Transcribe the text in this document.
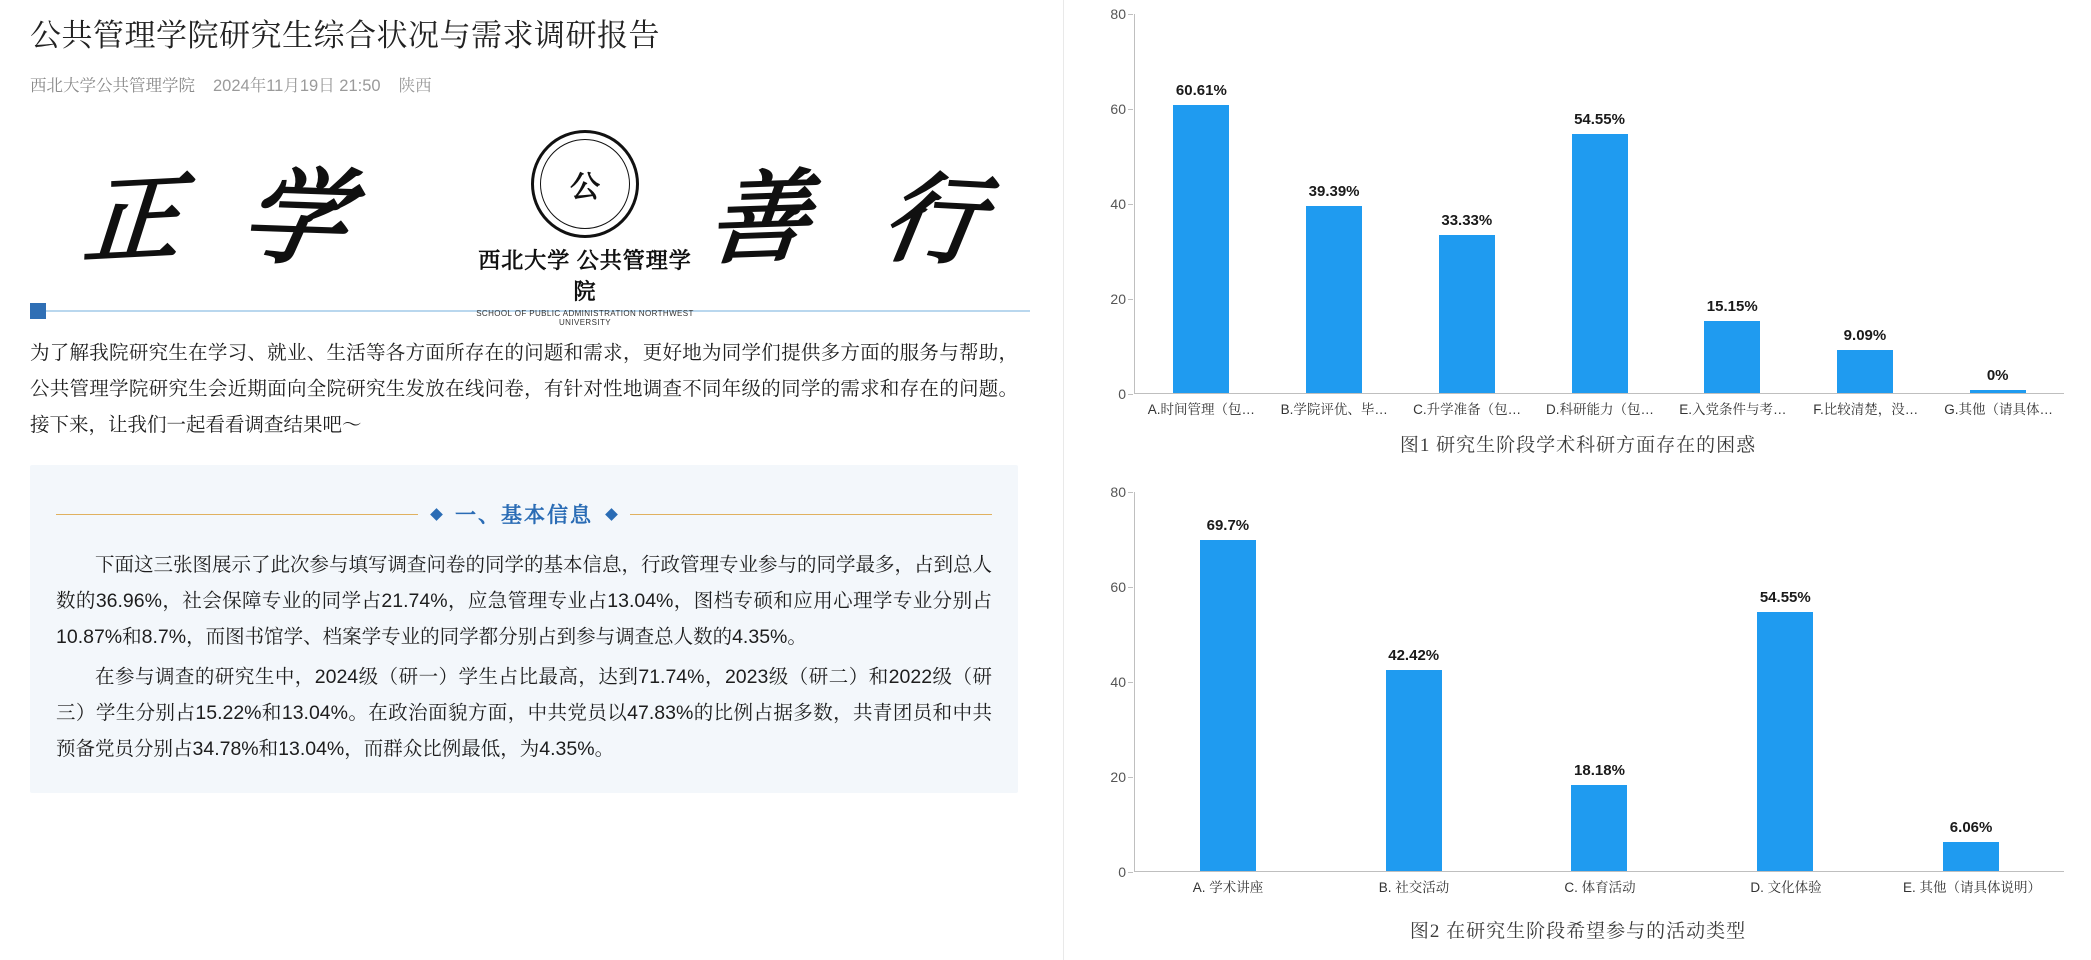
公共管理学院研究生综合状况与需求调研报告
西北大学公共管理学院 2024年11月19日 21:50 陕西
正 学	善 行
公
西北大学 公共管理学院
SCHOOL OF PUBLIC ADMINISTRATION NORTHWEST UNIVERSITY
为了解我院研究生在学习、就业、生活等各方面所存在的问题和需求，更好地为同学们提供多方面的服务与帮助，公共管理学院研究生会近期面向全院研究生发放在线问卷，有针对性地调查不同年级的同学的需求和存在的问题。接下来，让我们一起看看调查结果吧～
一、基本信息

下面这三张图展示了此次参与填写调查问卷的同学的基本信息，行政管理专业参与的同学最多，占到总人数的36.96%，社会保障专业的同学占21.74%，应急管理专业占13.04%，图档专硕和应用心理学专业分别占10.87%和8.7%，而图书馆学、档案学专业的同学都分别占到参与调查总人数的4.35%。

在参与调查的研究生中，2024级（研一）学生占比最高，达到71.74%，2023级（研二）和2022级（研三）学生分别占15.22%和13.04%。在政治面貌方面，中共党员以47.83%的比例占据多数，共青团员和中共预备党员分别占34.78%和13.04%，而群众比例最低，为4.35%。

0
20
40
60
80
60.61%
39.39%
33.33%
54.55%
15.15%
9.09%
0%
A.时间管理（包…	B.学院评优、毕…	C.升学准备（包…	D.科研能力（包…	E.入党条件与考…	F.比较清楚，没…	G.其他（请具体…
图1 研究生阶段学术科研方面存在的困惑
0
20
40
60
80
69.7%
42.42%
18.18%
54.55%
6.06%
A. 学术讲座	B. 社交活动	C. 体育活动	D. 文化体验	E. 其他（请具体说明）
图2 在研究生阶段希望参与的活动类型
